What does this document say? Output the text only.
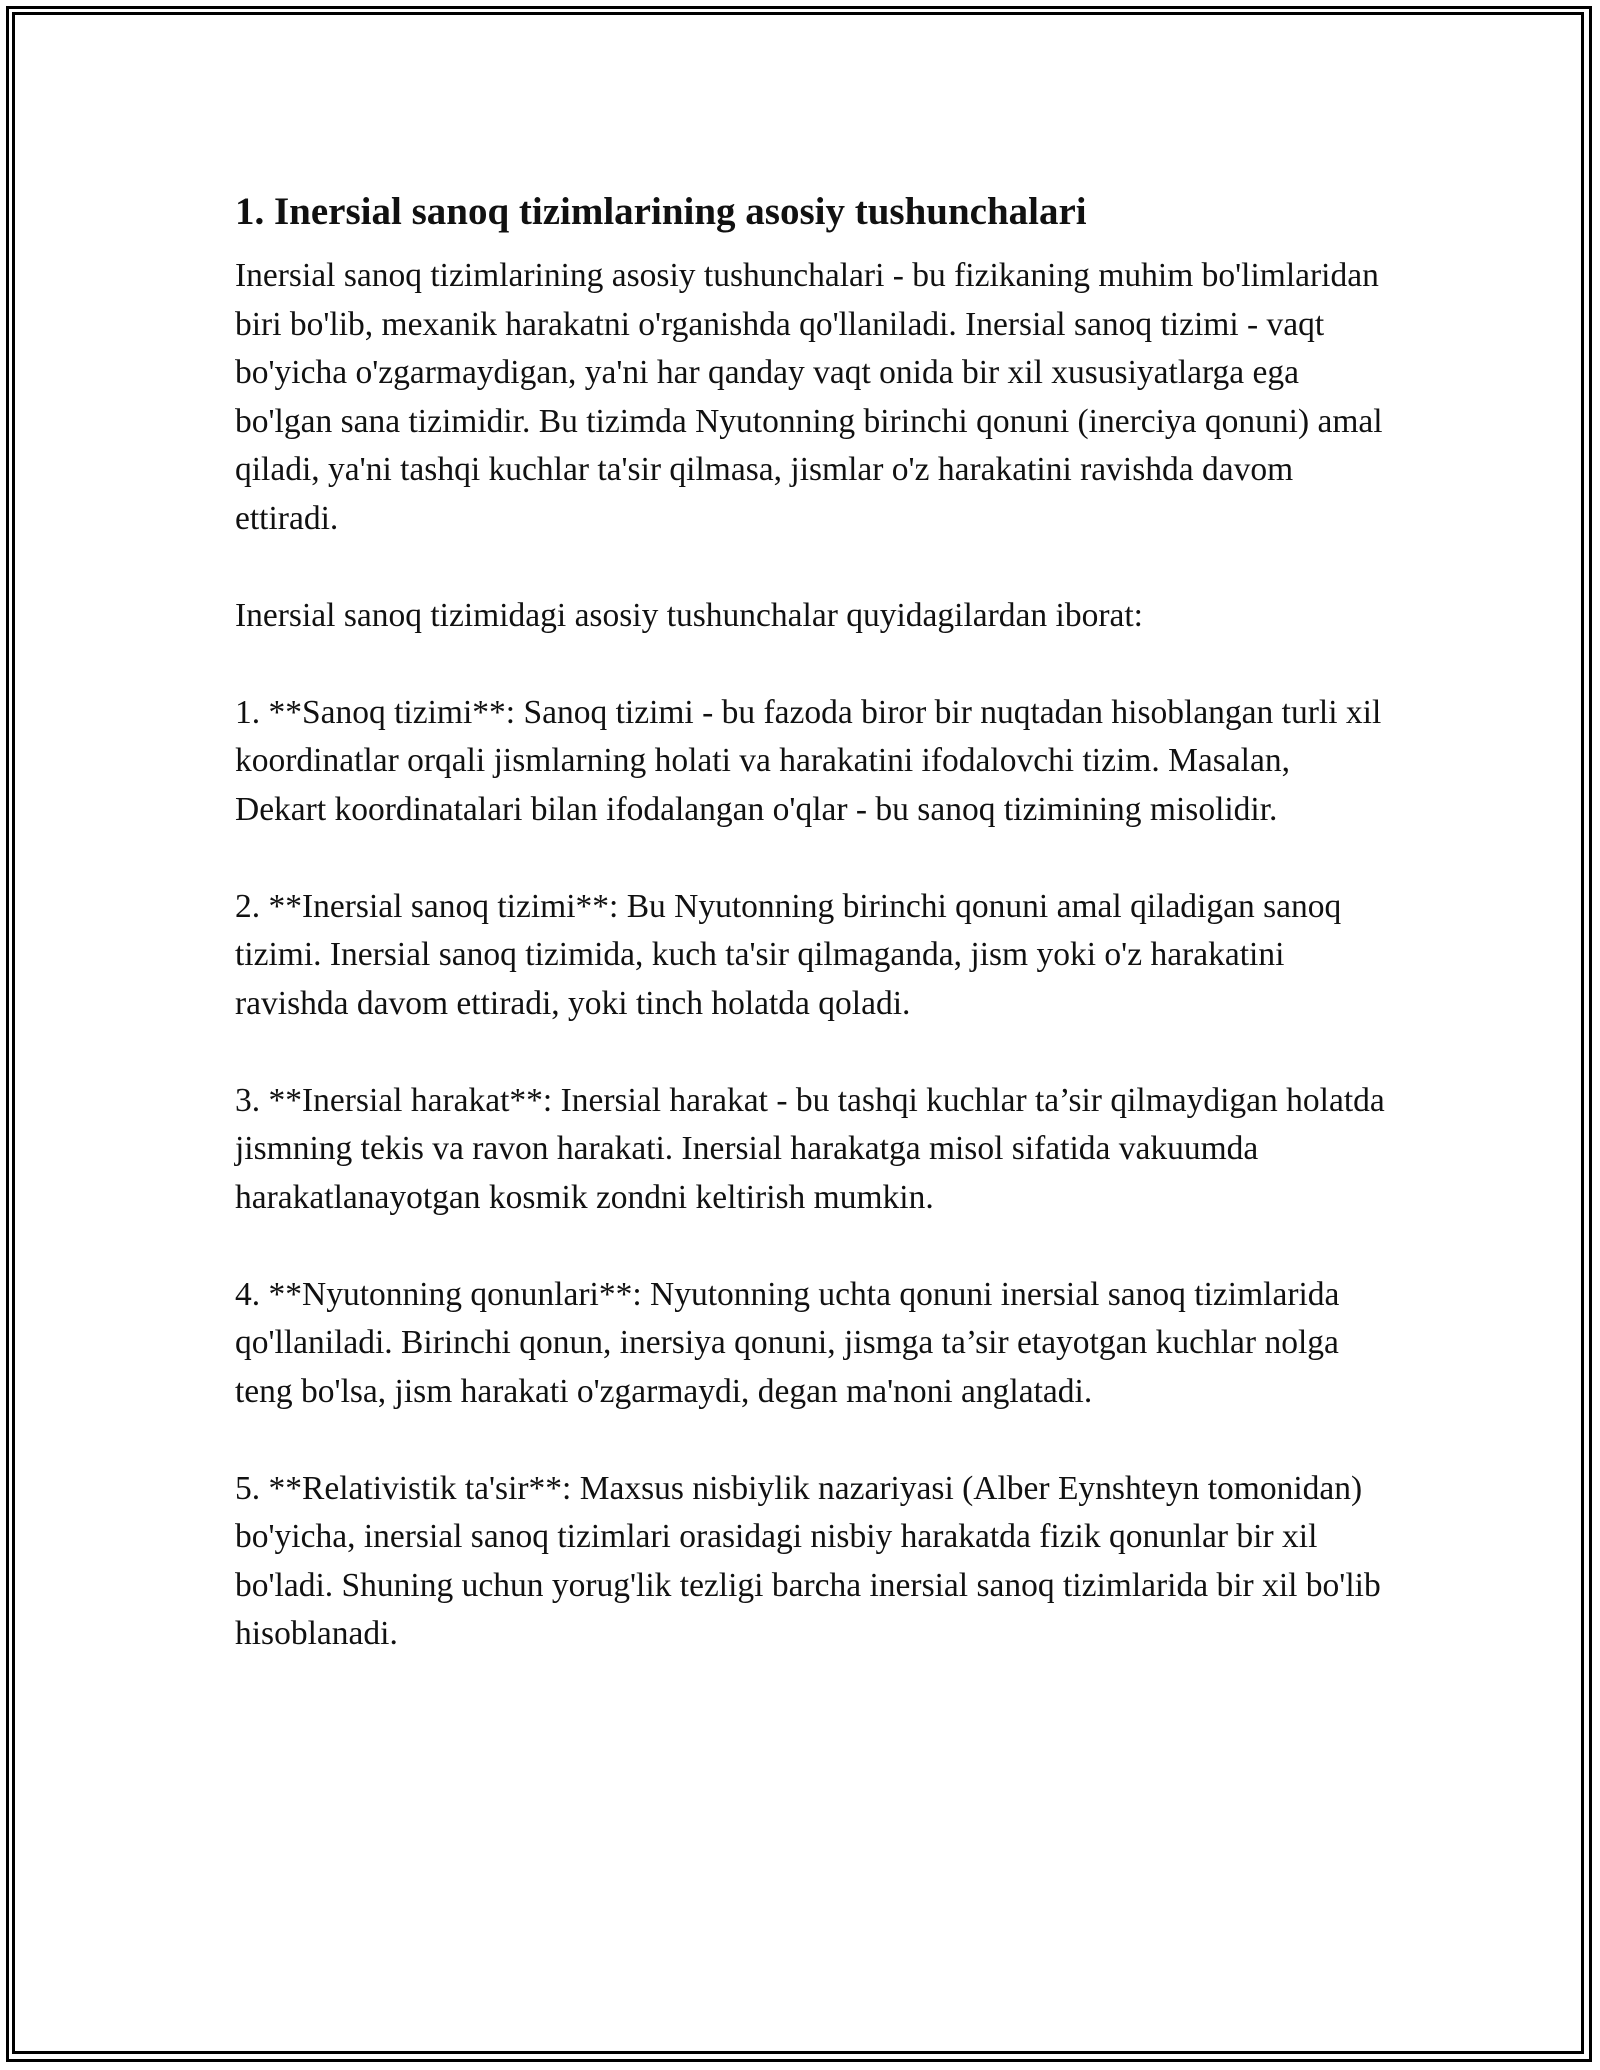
1. Inersial sanoq tizimlarining asosiy tushunchalari

Inersial sanoq tizimlarining asosiy tushunchalari - bu fizikaning muhim bo'limlaridan biri bo'lib, mexanik harakatni o'rganishda qo'llaniladi. Inersial sanoq tizimi - vaqt bo'yicha o'zgarmaydigan, ya'ni har qanday vaqt onida bir xil xususiyatlarga ega bo'lgan sana tizimidir. Bu tizimda Nyutonning birinchi qonuni (inerciya qonuni) amal qiladi, ya'ni tashqi kuchlar ta'sir qilmasa, jismlar o'z harakatini ravishda davom ettiradi.

Inersial sanoq tizimidagi asosiy tushunchalar quyidagilardan iborat:

1. **Sanoq tizimi**: Sanoq tizimi - bu fazoda biror bir nuqtadan hisoblangan turli xil koordinatlar orqali jismlarning holati va harakatini ifodalovchi tizim. Masalan, Dekart koordinatalari bilan ifodalangan o'qlar - bu sanoq tizimining misolidir.

2. **Inersial sanoq tizimi**: Bu Nyutonning birinchi qonuni amal qiladigan sanoq tizimi. Inersial sanoq tizimida, kuch ta'sir qilmaganda, jism yoki o'z harakatini ravishda davom ettiradi, yoki tinch holatda qoladi.

3. **Inersial harakat**: Inersial harakat - bu tashqi kuchlar ta’sir qilmaydigan holatda jismning tekis va ravon harakati. Inersial harakatga misol sifatida vakuumda harakatlanayotgan kosmik zondni keltirish mumkin.

4. **Nyutonning qonunlari**: Nyutonning uchta qonuni inersial sanoq tizimlarida qo'llaniladi. Birinchi qonun, inersiya qonuni, jismga ta’sir etayotgan kuchlar nolga teng bo'lsa, jism harakati o'zgarmaydi, degan ma'noni anglatadi.

5. **Relativistik ta'sir**: Maxsus nisbiylik nazariyasi (Alber Eynshteyn tomonidan) bo'yicha, inersial sanoq tizimlari orasidagi nisbiy harakatda fizik qonunlar bir xil bo'ladi. Shuning uchun yorug'lik tezligi barcha inersial sanoq tizimlarida bir xil bo'lib hisoblanadi.
